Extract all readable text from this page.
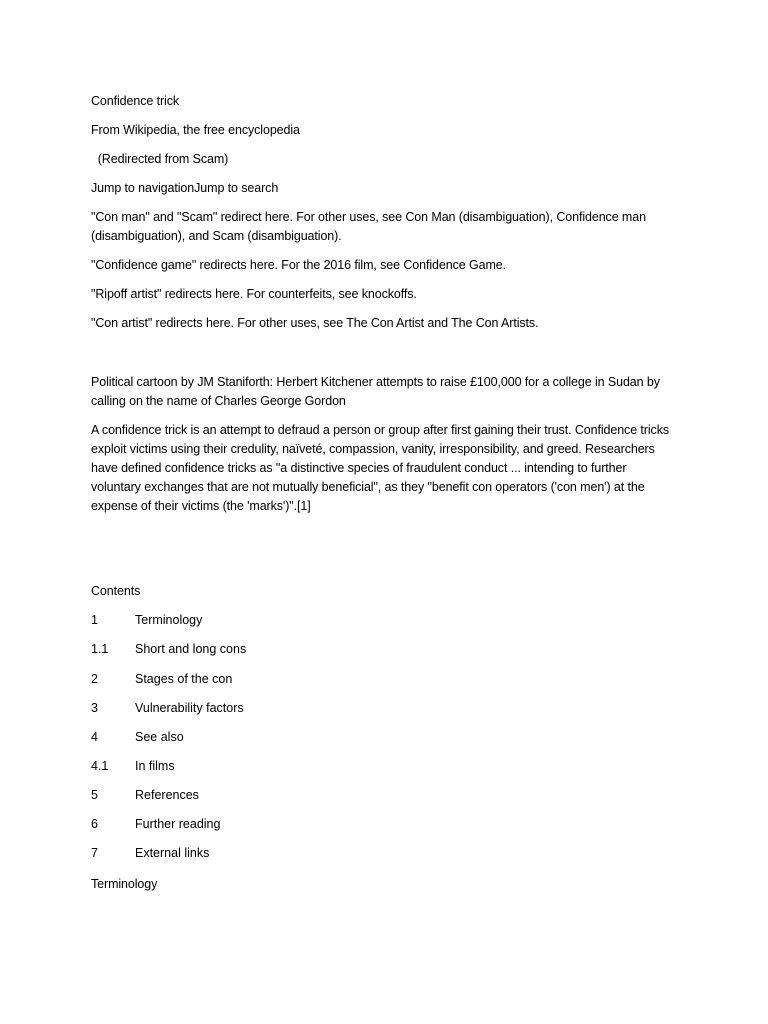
Confidence trick
From Wikipedia, the free encyclopedia
(Redirected from Scam)
Jump to navigationJump to search
"Con man" and "Scam" redirect here. For other uses, see Con Man (disambiguation), Confidence man (disambiguation), and Scam (disambiguation).
"Confidence game" redirects here. For the 2016 film, see Confidence Game.
"Ripoff artist" redirects here. For counterfeits, see knockoffs.
"Con artist" redirects here. For other uses, see The Con Artist and The Con Artists.
Political cartoon by JM Staniforth: Herbert Kitchener attempts to raise £100,000 for a college in Sudan by calling on the name of Charles George Gordon
A confidence trick is an attempt to defraud a person or group after first gaining their trust. Confidence tricks exploit victims using their credulity, naïveté, compassion, vanity, irresponsibility, and greed. Researchers have defined confidence tricks as "a distinctive species of fraudulent conduct ... intending to further voluntary exchanges that are not mutually beneficial", as they "benefit con operators ('con men') at the expense of their victims (the 'marks')".[1]
Contents
1	Terminology
1.1 Short and long cons
2	Stages of the con
3	Vulnerability factors
4	See also
4.1 In films
5	References
6	Further reading
7	External links
Terminology
